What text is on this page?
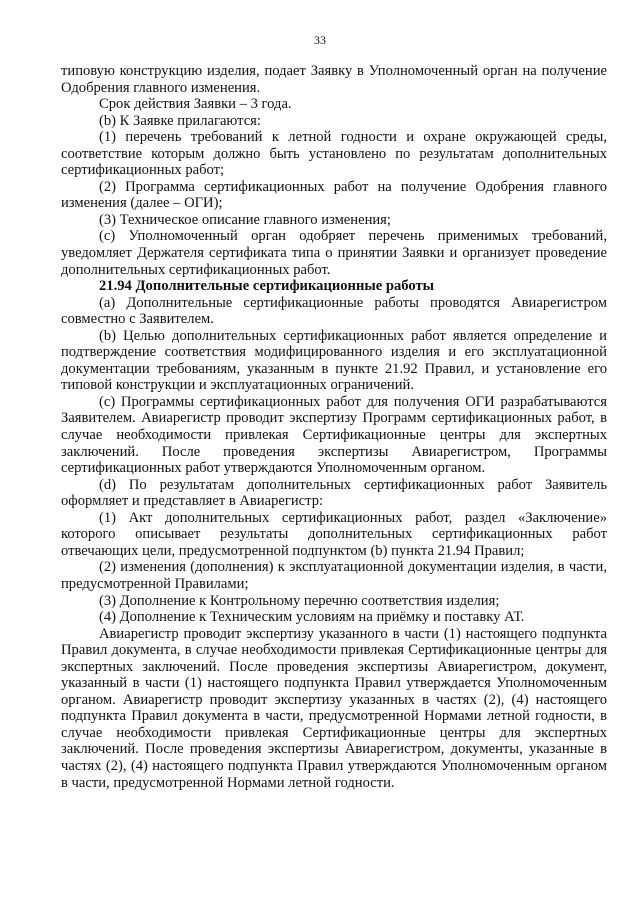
33

типовую конструкцию изделия, подает Заявку в Уполномоченный орган на получение Одобрения главного изменения.

Срок действия Заявки – 3 года.

(b) К Заявке прилагаются:

(1) перечень требований к летной годности и охране окружающей среды, соответствие которым должно быть установлено по результатам дополнительных сертификационных работ;

(2) Программа сертификационных работ на получение Одобрения главного изменения (далее – ОГИ);

(3) Техническое описание главного изменения;

(c) Уполномоченный орган одобряет перечень применимых требований, уведомляет Держателя сертификата типа о принятии Заявки и организует проведение дополнительных сертификационных работ.

21.94 Дополнительные сертификационные работы

(a) Дополнительные сертификационные работы проводятся Авиарегистром совместно с Заявителем.

(b) Целью дополнительных сертификационных работ является определение и подтверждение соответствия модифицированного изделия и его эксплуатационной документации требованиям, указанным в пункте 21.92 Правил, и установление его типовой конструкции и эксплуатационных ограничений.

(c) Программы сертификационных работ для получения ОГИ разрабатываются Заявителем. Авиарегистр проводит экспертизу Программ сертификационных работ, в случае необходимости привлекая Сертификационные центры для экспертных заключений. После проведения экспертизы Авиарегистром, Программы сертификационных работ утверждаются Уполномоченным органом.

(d) По результатам дополнительных сертификационных работ Заявитель оформляет и представляет в Авиарегистр:

(1) Акт дополнительных сертификационных работ, раздел «Заключение» которого описывает результаты дополнительных сертификационных работ отвечающих цели, предусмотренной подпунктом (b) пункта 21.94 Правил;

(2) изменения (дополнения) к эксплуатационной документации изделия, в части, предусмотренной Правилами;

(3) Дополнение к Контрольному перечню соответствия изделия;

(4) Дополнение к Техническим условиям на приёмку и поставку АТ.

Авиарегистр проводит экспертизу указанного в части (1) настоящего подпункта Правил документа, в случае необходимости привлекая Сертификационные центры для экспертных заключений. После проведения экспертизы Авиарегистром, документ, указанный в части (1) настоящего подпункта Правил утверждается Уполномоченным органом. Авиарегистр проводит экспертизу указанных в частях (2), (4) настоящего подпункта Правил документа в части, предусмотренной Нормами летной годности, в случае необходимости привлекая Сертификационные центры для экспертных заключений. После проведения экспертизы Авиарегистром, документы, указанные в частях (2), (4) настоящего подпункта Правил утверждаются Уполномоченным органом в части, предусмотренной Нормами летной годности.
